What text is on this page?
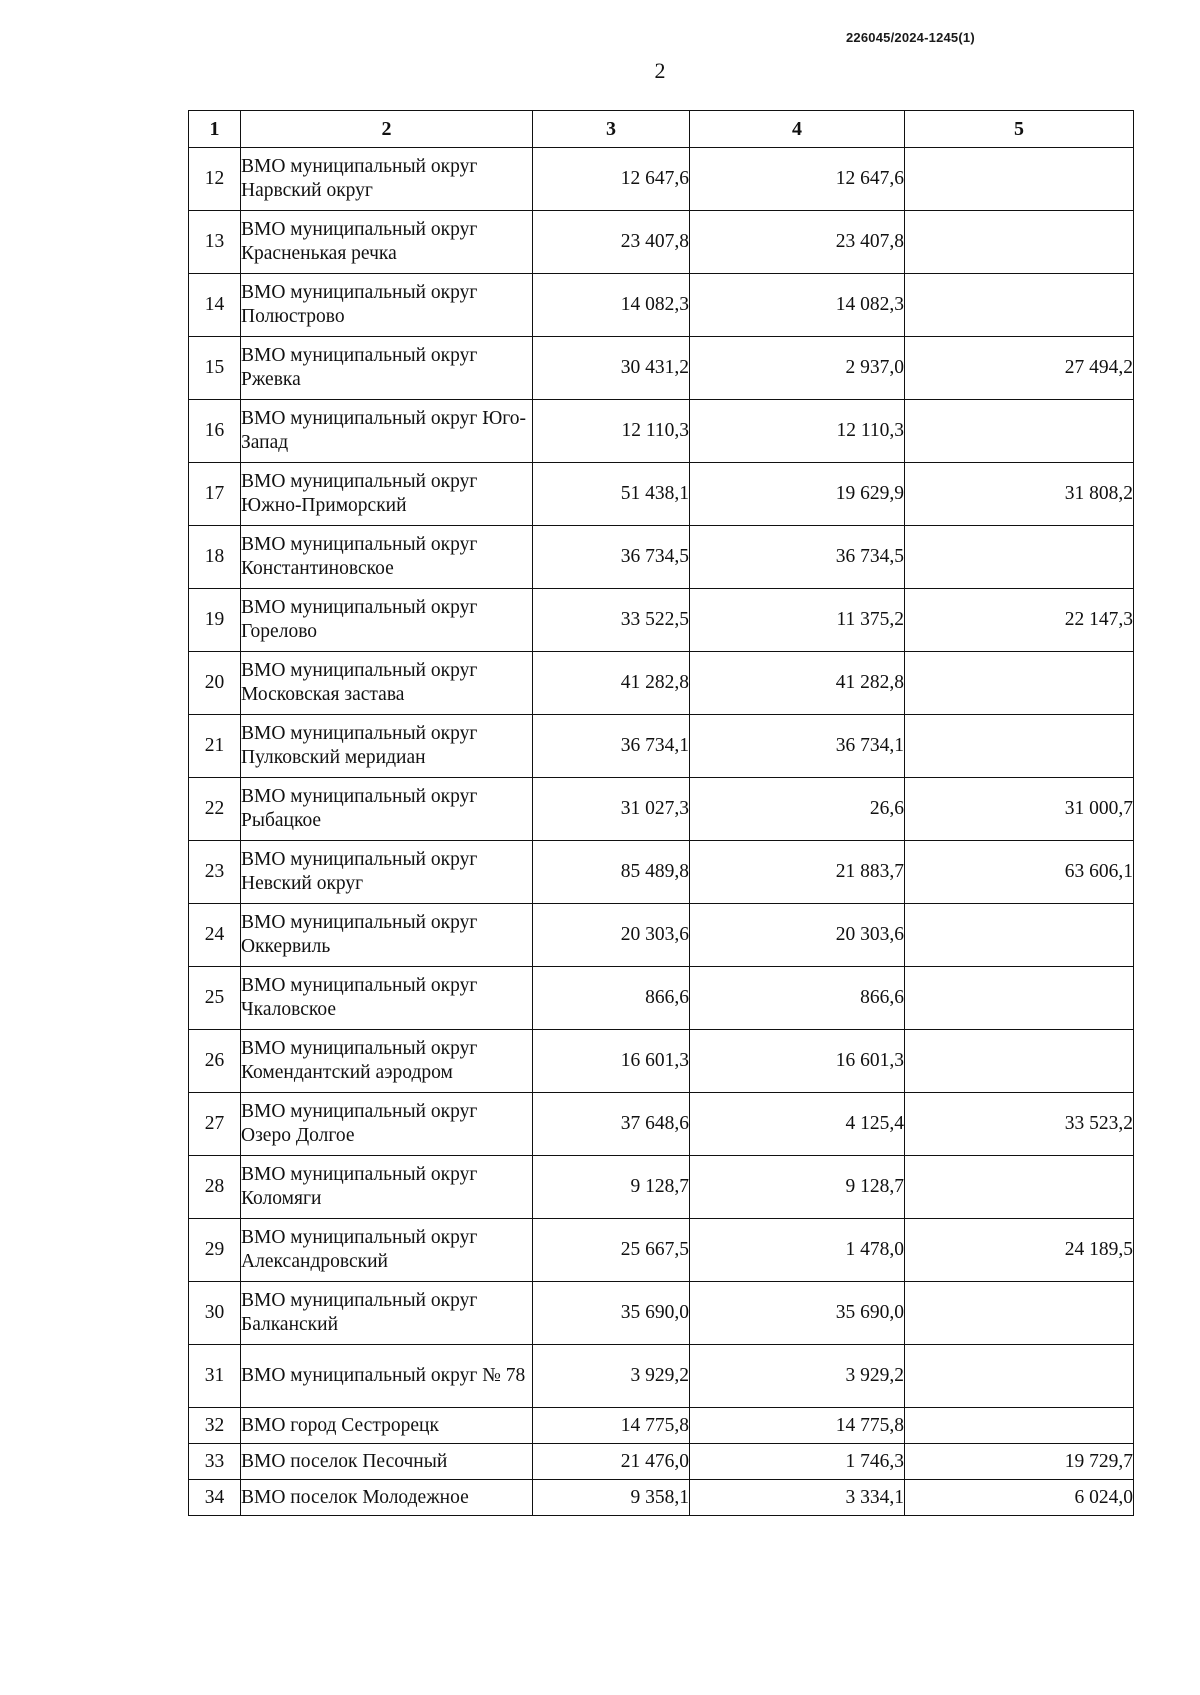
226045/2024-1245(1)
2
1	2	3	4	5
12	ВМО муниципальный округ Нарвский округ	12 647,6	12 647,6	
13	ВМО муниципальный округ Красненькая речка	23 407,8	23 407,8	
14	ВМО муниципальный округ Полюстрово	14 082,3	14 082,3	
15	ВМО муниципальный округ Ржевка	30 431,2	2 937,0	27 494,2
16	ВМО муниципальный округ Юго-Запад	12 110,3	12 110,3	
17	ВМО муниципальный округ Южно-Приморский	51 438,1	19 629,9	31 808,2
18	ВМО муниципальный округ Константиновское	36 734,5	36 734,5	
19	ВМО муниципальный округ Горелово	33 522,5	11 375,2	22 147,3
20	ВМО муниципальный округ Московская застава	41 282,8	41 282,8	
21	ВМО муниципальный округ Пулковский меридиан	36 734,1	36 734,1	
22	ВМО муниципальный округ Рыбацкое	31 027,3	26,6	31 000,7
23	ВМО муниципальный округ Невский округ	85 489,8	21 883,7	63 606,1
24	ВМО муниципальный округ Оккервиль	20 303,6	20 303,6	
25	ВМО муниципальный округ Чкаловское	866,6	866,6	
26	ВМО муниципальный округ Комендантский аэродром	16 601,3	16 601,3	
27	ВМО муниципальный округ Озеро Долгое	37 648,6	4 125,4	33 523,2
28	ВМО муниципальный округ Коломяги	9 128,7	9 128,7	
29	ВМО муниципальный округ Александровский	25 667,5	1 478,0	24 189,5
30	ВМО муниципальный округ Балканский	35 690,0	35 690,0	
31	ВМО муниципальный округ № 78	3 929,2	3 929,2	
32	ВМО город Сестрорецк	14 775,8	14 775,8	
33	ВМО поселок Песочный	21 476,0	1 746,3	19 729,7
34	ВМО поселок Молодежное	9 358,1	3 334,1	6 024,0
